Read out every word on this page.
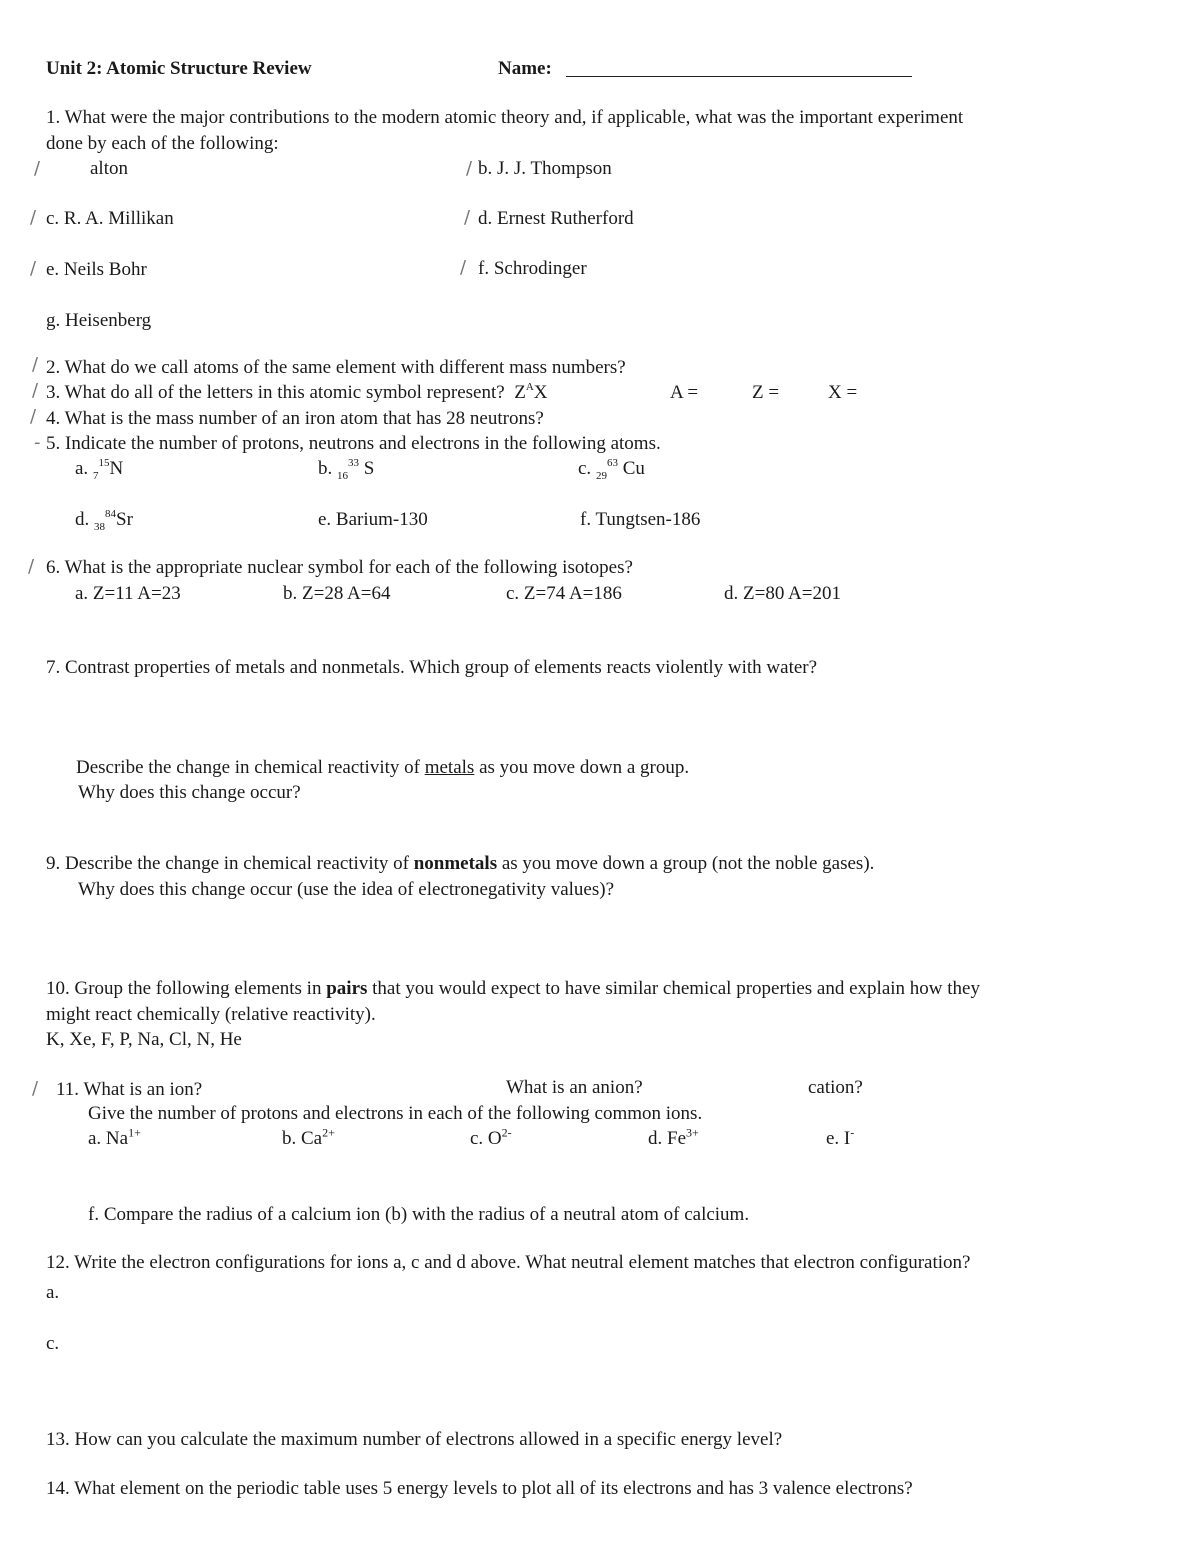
Unit 2: Atomic Structure Review	Name:
1. What were the major contributions to the modern atomic theory and, if applicable, what was the important experiment
done by each of the following:
/	alton	/ b. J. J. Thompson
/ c. R. A. Millikan	/ d. Ernest Rutherford
/ e. Neils Bohr	/ f. Schrodinger
g. Heisenberg
/ 2. What do we call atoms of the same element with different mass numbers?
/ 3. What do all of the letters in this atomic symbol represent? ZAX	A =	Z =	X =
/ 4. What is the mass number of an iron atom that has 28 neutrons?
- 5. Indicate the number of protons, neutrons and electrons in the following atoms.
a. 715N	b. 1633 S	c. 2963 Cu
d. 3884Sr	e. Barium-130	f. Tungtsen-186
/ 6. What is the appropriate nuclear symbol for each of the following isotopes?
a. Z=11 A=23	b. Z=28 A=64	c. Z=74 A=186	d. Z=80 A=201
7. Contrast properties of metals and nonmetals. Which group of elements reacts violently with water?
Describe the change in chemical reactivity of metals as you move down a group.
Why does this change occur?
9. Describe the change in chemical reactivity of nonmetals as you move down a group (not the noble gases).
Why does this change occur (use the idea of electronegativity values)?
10. Group the following elements in pairs that you would expect to have similar chemical properties and explain how they
might react chemically (relative reactivity).
K, Xe, F, P, Na, Cl, N, He
/ 11. What is an ion?	What is an anion?	cation?
Give the number of protons and electrons in each of the following common ions.
a. $Na^{1+}$	b. $Ca^{2+}$	c. $O^{2-}$	d. $Fe^{3+}$	e. I-
f. Compare the radius of a calcium ion (b) with the radius of a neutral atom of calcium.
12. Write the electron configurations for ions a, c and d above. What neutral element matches that electron configuration?
a.
c.
13. How can you calculate the maximum number of electrons allowed in a specific energy level?
14. What element on the periodic table uses 5 energy levels to plot all of its electrons and has 3 valence electrons?
